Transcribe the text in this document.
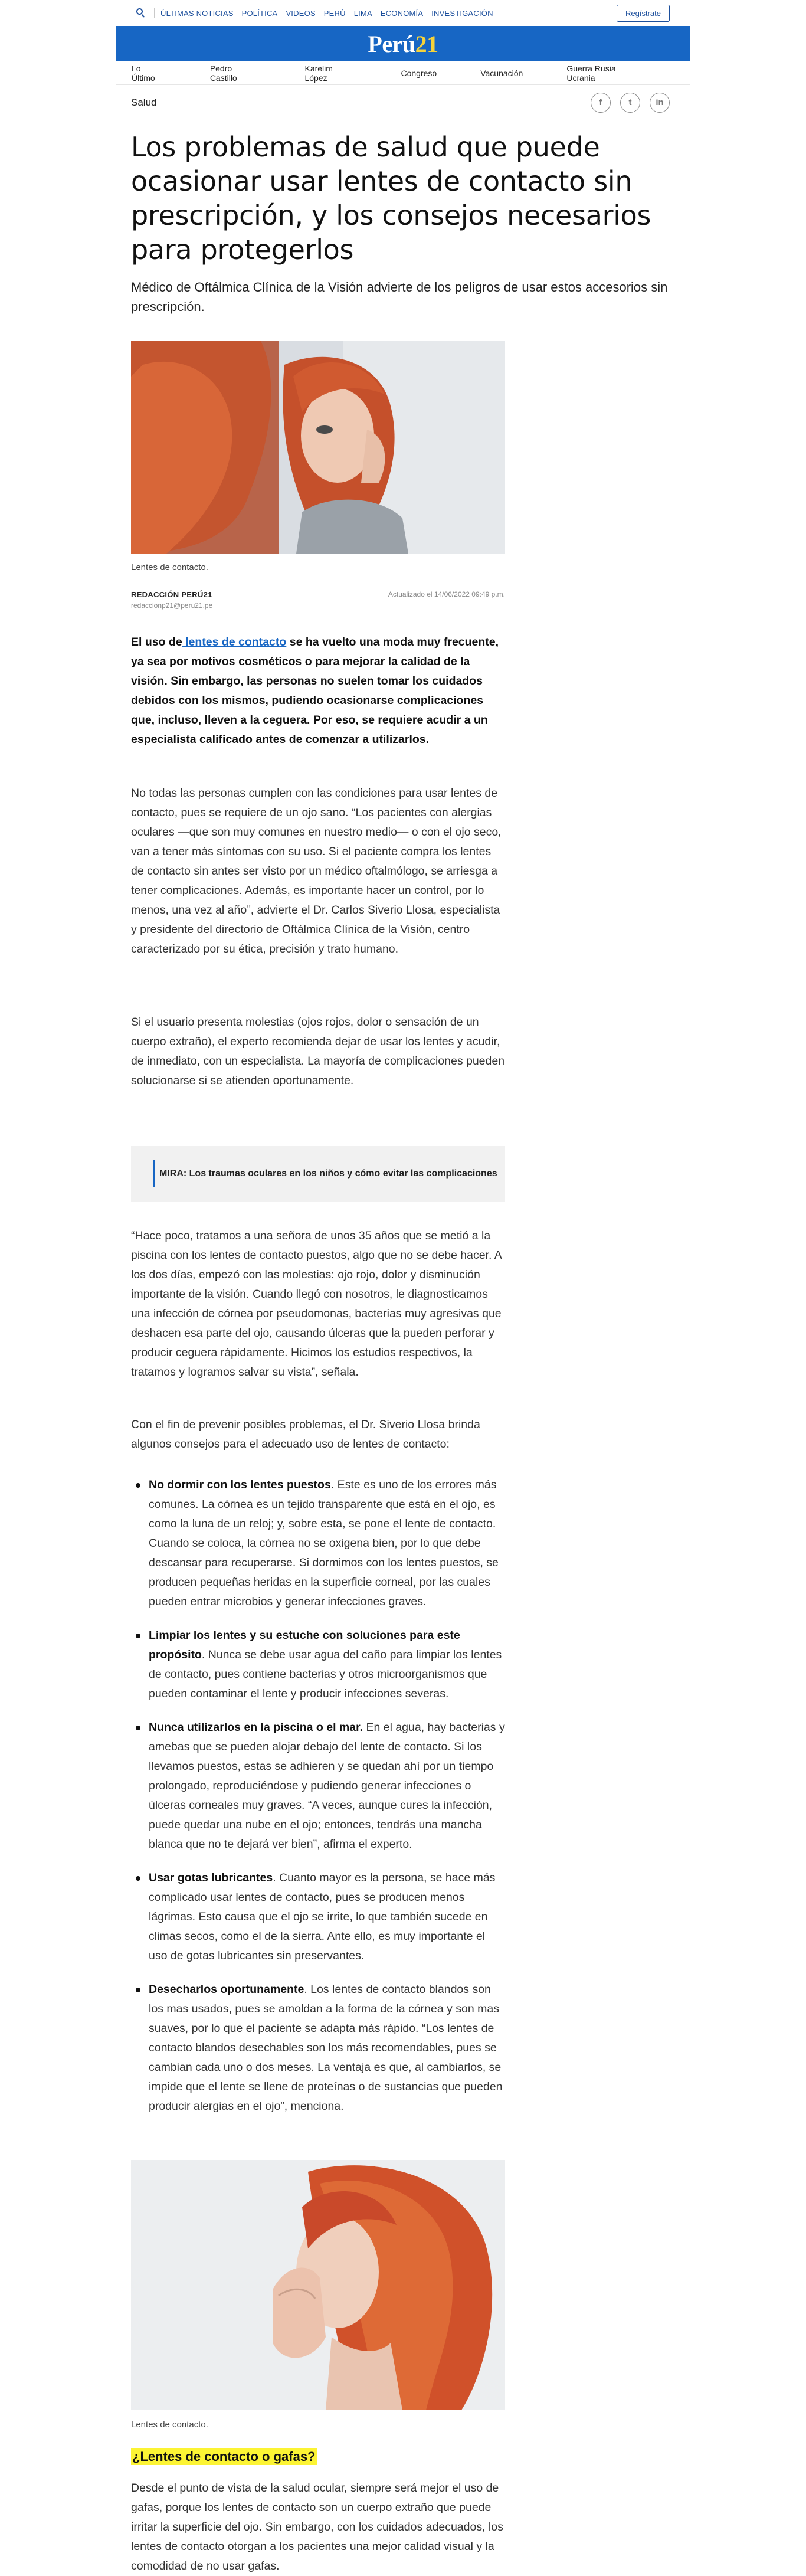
ÚLTIMAS NOTICIAS POLÍTICA VIDEOS PERÚ LIMA ECONOMÍA INVESTIGACIÓN	Regístrate
Perú21
Lo Último
Pedro Castillo
Karelim López	Congreso	Vacunación	Guerra Rusia Ucrania
Salud	f	t	in
Los problemas de salud que puede ocasionar usar lentes de contacto sin prescripción, y los consejos necesarios para protegerlos

Médico de Oftálmica Clínica de la Visión advierte de los peligros de usar estos accesorios sin prescripción.

Lentes de contacto.
REDACCIÓN PERÚ21
redaccionp21@peru21.pe
Actualizado el 14/06/2022 09:49 p.m.

El uso de lentes de contacto se ha vuelto una moda muy frecuente, ya sea por motivos cosméticos o para mejorar la calidad de la visión. Sin embargo, las personas no suelen tomar los cuidados debidos con los mismos, pudiendo ocasionarse complicaciones que, incluso, lleven a la ceguera. Por eso, se requiere acudir a un especialista calificado antes de comenzar a utilizarlos.

No todas las personas cumplen con las condiciones para usar lentes de contacto, pues se requiere de un ojo sano. “Los pacientes con alergias oculares —que son muy comunes en nuestro medio— o con el ojo seco, van a tener más síntomas con su uso. Si el paciente compra los lentes de contacto sin antes ser visto por un médico oftalmólogo, se arriesga a tener complicaciones. Además, es importante hacer un control, por lo menos, una vez al año”, advierte el Dr. Carlos Siverio Llosa, especialista y presidente del directorio de Oftálmica Clínica de la Visión, centro caracterizado por su ética, precisión y trato humano.

Si el usuario presenta molestias (ojos rojos, dolor o sensación de un cuerpo extraño), el experto recomienda dejar de usar los lentes y acudir, de inmediato, con un especialista. La mayoría de complicaciones pueden solucionarse si se atienden oportunamente.

MIRA: Los traumas oculares en los niños y cómo evitar las complicaciones

“Hace poco, tratamos a una señora de unos 35 años que se metió a la piscina con los lentes de contacto puestos, algo que no se debe hacer. A los dos días, empezó con las molestias: ojo rojo, dolor y disminución importante de la visión. Cuando llegó con nosotros, le diagnosticamos una infección de córnea por pseudomonas, bacterias muy agresivas que deshacen esa parte del ojo, causando úlceras que la pueden perforar y producir ceguera rápidamente. Hicimos los estudios respectivos, la tratamos y logramos salvar su vista”, señala.

Con el fin de prevenir posibles problemas, el Dr. Siverio Llosa brinda algunos consejos para el adecuado uso de lentes de contacto:

No dormir con los lentes puestos. Este es uno de los errores más comunes. La córnea es un tejido transparente que está en el ojo, es como la luna de un reloj; y, sobre esta, se pone el lente de contacto. Cuando se coloca, la córnea no se oxigena bien, por lo que debe descansar para recuperarse. Si dormimos con los lentes puestos, se producen pequeñas heridas en la superficie corneal, por las cuales pueden entrar microbios y generar infecciones graves.
Limpiar los lentes y su estuche con soluciones para este propósito. Nunca se debe usar agua del caño para limpiar los lentes de contacto, pues contiene bacterias y otros microorganismos que pueden contaminar el lente y producir infecciones severas.
Nunca utilizarlos en la piscina o el mar. En el agua, hay bacterias y amebas que se pueden alojar debajo del lente de contacto. Si los llevamos puestos, estas se adhieren y se quedan ahí por un tiempo prolongado, reproduciéndose y pudiendo generar infecciones o úlceras corneales muy graves. “A veces, aunque cures la infección, puede quedar una nube en el ojo; entonces, tendrás una mancha blanca que no te dejará ver bien”, afirma el experto.
Usar gotas lubricantes. Cuanto mayor es la persona, se hace más complicado usar lentes de contacto, pues se producen menos lágrimas. Esto causa que el ojo se irrite, lo que también sucede en climas secos, como el de la sierra. Ante ello, es muy importante el uso de gotas lubricantes sin preservantes.
Desecharlos oportunamente. Los lentes de contacto blandos son los mas usados, pues se amoldan a la forma de la córnea y son mas suaves, por lo que el paciente se adapta más rápido. “Los lentes de contacto blandos desechables son los más recomendables, pues se cambian cada uno o dos meses. La ventaja es que, al cambiarlos, se impide que el lente se llene de proteínas o de sustancias que pueden producir alergias en el ojo”, menciona.
Lentes de contacto.
¿Lentes de contacto o gafas?

Desde el punto de vista de la salud ocular, siempre será mejor el uso de gafas, porque los lentes de contacto son un cuerpo extraño que puede irritar la superficie del ojo. Sin embargo, con los cuidados adecuados, los lentes de contacto otorgan a los pacientes una mejor calidad visual y la comodidad de no usar gafas.
